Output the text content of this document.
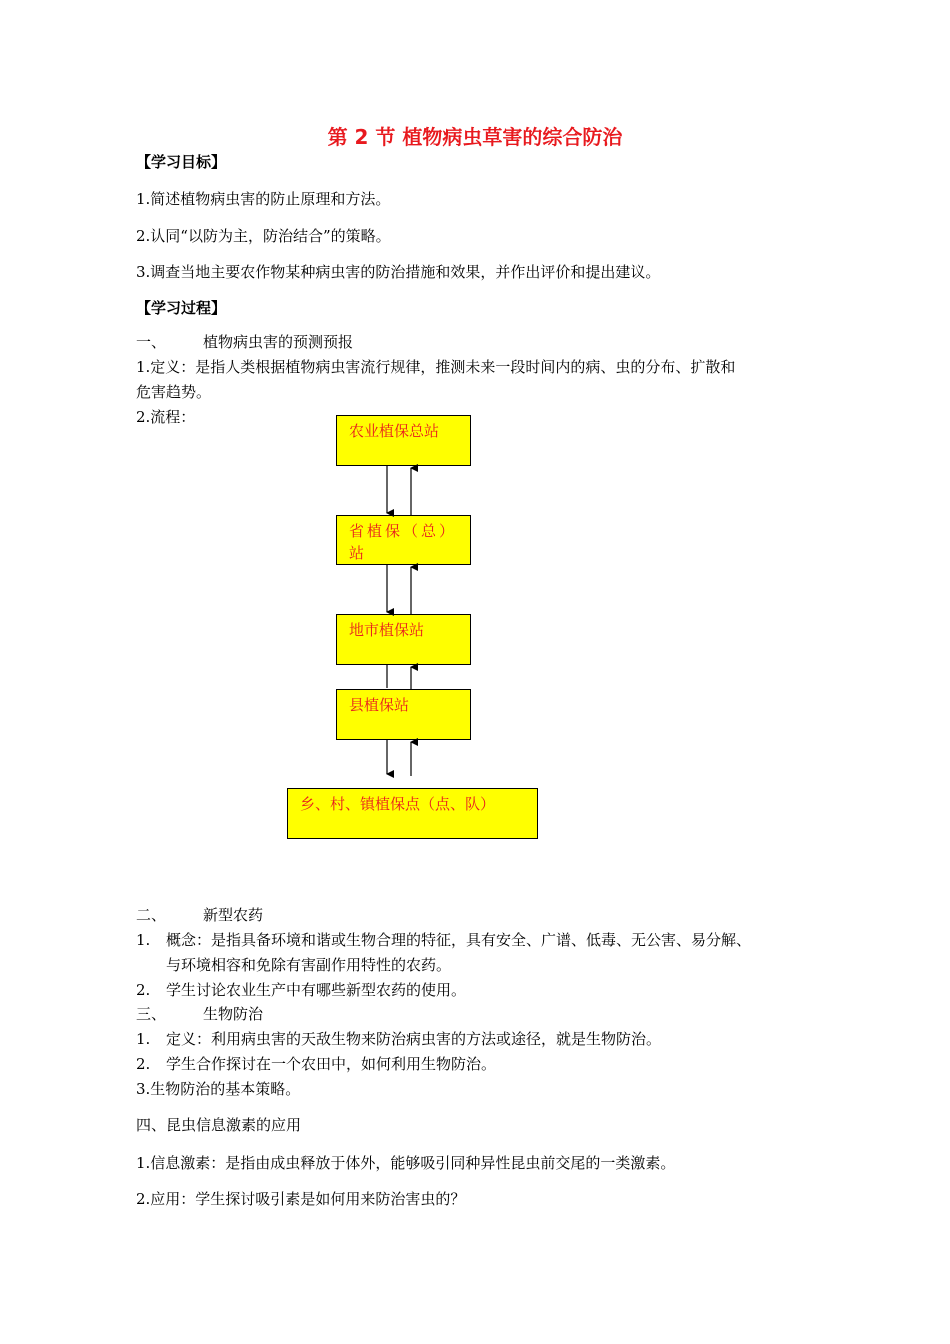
第 2 节 植物病虫草害的综合防治
【学习目标】
1.简述植物病虫害的防止原理和方法。
2.认同“以防为主，防治结合”的策略。
3.调查当地主要农作物某种病虫害的防治措施和效果，并作出评价和提出建议。
【学习过程】
一、 植物病虫害的预测预报
1.定义：是指人类根据植物病虫害流行规律，推测未来一段时间内的病、虫的分布、扩散和
危害趋势。
2.流程：
农业植保总站
省植保（总）站
地市植保站
县植保站
乡、村、镇植保点（点、队）
二、 新型农药
1. 概念：是指具备环境和谐或生物合理的特征，具有安全、广谱、低毒、无公害、易分解、
与环境相容和免除有害副作用特性的农药。
2. 学生讨论农业生产中有哪些新型农药的使用。
三、 生物防治
1. 定义：利用病虫害的天敌生物来防治病虫害的方法或途径，就是生物防治。
2. 学生合作探讨在一个农田中，如何利用生物防治。
3.生物防治的基本策略。
四、昆虫信息激素的应用
1.信息激素：是指由成虫释放于体外，能够吸引同种异性昆虫前交尾的一类激素。
2.应用：学生探讨吸引素是如何用来防治害虫的？
